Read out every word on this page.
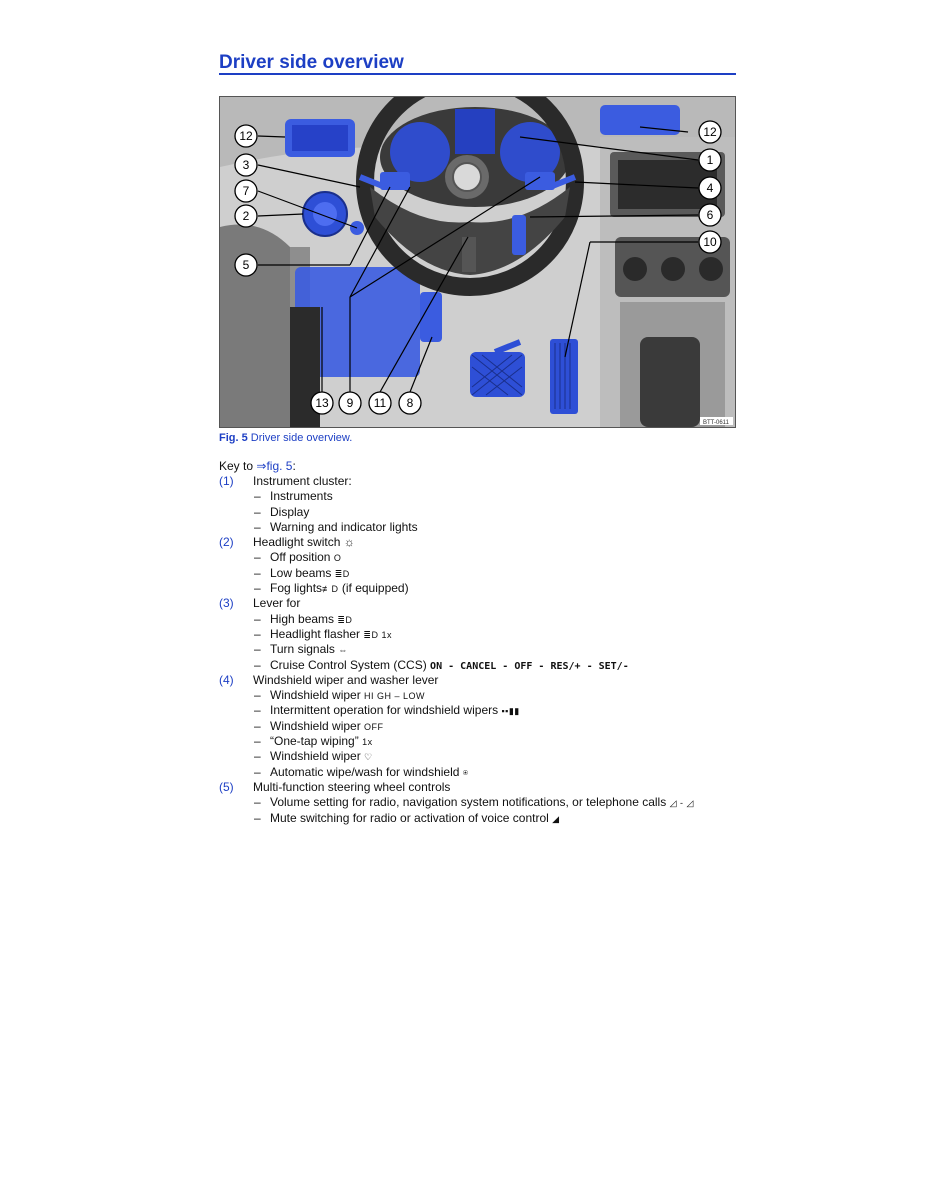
Driver side overview
12
3
7
2
5
12
1
4
6
10
13 9 11 8
BTT-0611
Fig. 5 Driver side overview.
Key to ⇒fig. 5:
(1) Instrument cluster:
– Instruments
– Display
– Warning and indicator lights
(2) Headlight switch ☼
– Off position O
– Low beams ≣D
– Fog lights≢D (if equipped)
(3) Lever for
– High beams ≣D
– Headlight flasher ≣D 1x
– Turn signals ⇔
– Cruise Control System (CCS) ON - CANCEL - OFF - RES/+ - SET/-
(4) Windshield wiper and washer lever
– Windshield wiper HI GH – LOW
– Intermittent operation for windshield wipers ▪▪▮▮
– Windshield wiper OFF
– “One-tap wiping” 1x
– Windshield wiper ♡
– Automatic wipe/wash for windshield ⍟
(5) Multi-function steering wheel controls
– Volume setting for radio, navigation system notifications, or telephone calls ◿ - ◿
– Mute switching for radio or activation of voice control ◢
